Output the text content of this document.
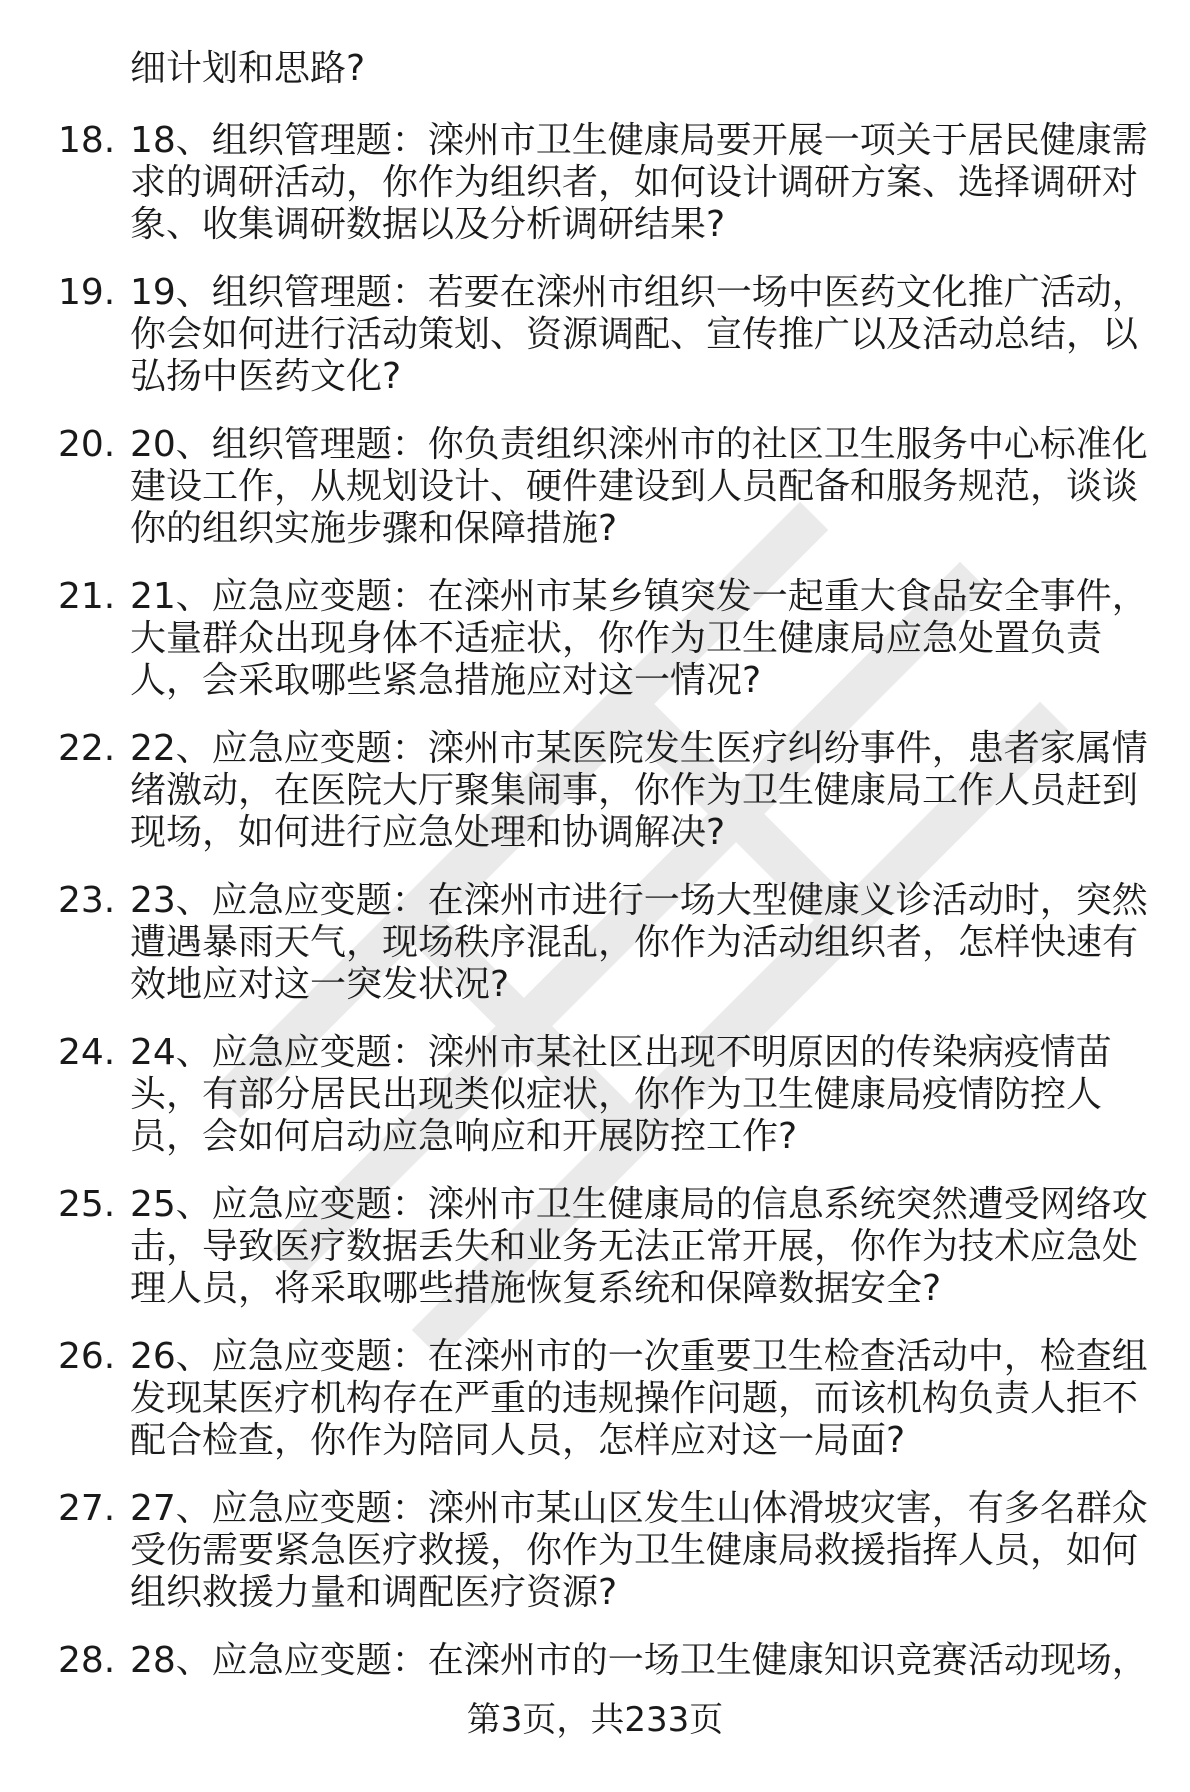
细计划和思路?

18. 18、组织管理题：滦州市卫生健康局要开展一项关于居民健康需求的调研活动，你作为组织者，如何设计调研方案、选择调研对象、收集调研数据以及分析调研结果?

19. 19、组织管理题：若要在滦州市组织一场中医药文化推广活动，你会如何进行活动策划、资源调配、宣传推广以及活动总结，以弘扬中医药文化?

20. 20、组织管理题：你负责组织滦州市的社区卫生服务中心标准化建设工作，从规划设计、硬件建设到人员配备和服务规范，谈谈你的组织实施步骤和保障措施?

21. 21、应急应变题：在滦州市某乡镇突发一起重大食品安全事件，大量群众出现身体不适症状，你作为卫生健康局应急处置负责人，会采取哪些紧急措施应对这一情况?

22. 22、应急应变题：滦州市某医院发生医疗纠纷事件，患者家属情绪激动，在医院大厅聚集闹事，你作为卫生健康局工作人员赶到现场，如何进行应急处理和协调解决?

23. 23、应急应变题：在滦州市进行一场大型健康义诊活动时，突然遭遇暴雨天气，现场秩序混乱，你作为活动组织者，怎样快速有效地应对这一突发状况?

24. 24、应急应变题：滦州市某社区出现不明原因的传染病疫情苗头，有部分居民出现类似症状，你作为卫生健康局疫情防控人员，会如何启动应急响应和开展防控工作?

25. 25、应急应变题：滦州市卫生健康局的信息系统突然遭受网络攻击，导致医疗数据丢失和业务无法正常开展，你作为技术应急处理人员，将采取哪些措施恢复系统和保障数据安全?

26. 26、应急应变题：在滦州市的一次重要卫生检查活动中，检查组发现某医疗机构存在严重的违规操作问题，而该机构负责人拒不配合检查，你作为陪同人员，怎样应对这一局面?

27. 27、应急应变题：滦州市某山区发生山体滑坡灾害，有多名群众受伤需要紧急医疗救援，你作为卫生健康局救援指挥人员，如何组织救援力量和调配医疗资源?

28. 28、应急应变题：在滦州市的一场卫生健康知识竞赛活动现场，

第3页，共233页
